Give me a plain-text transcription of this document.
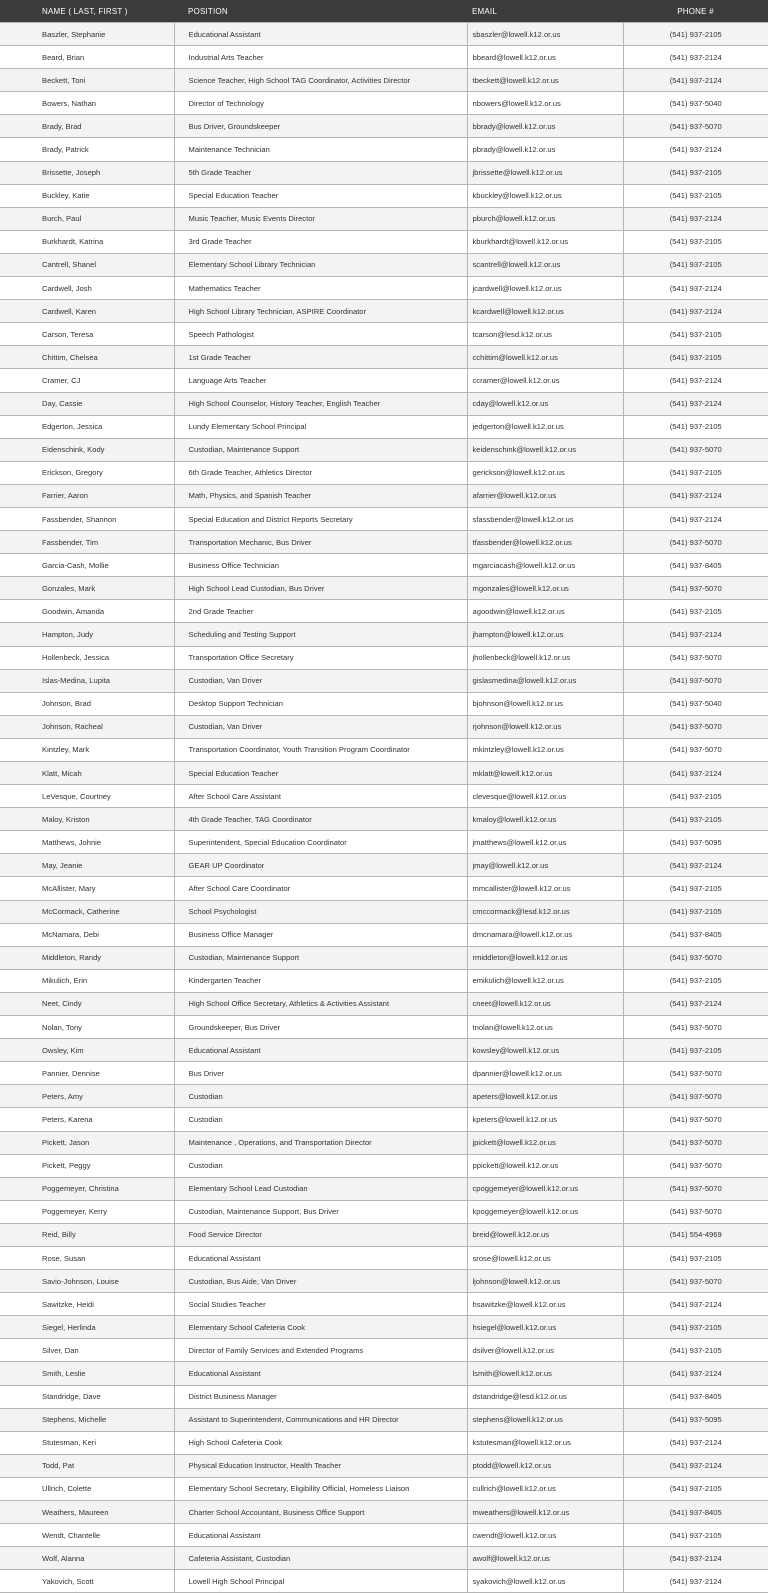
NAME ( LAST, FIRST )	POSITION	EMAIL	PHONE #
Baszler, Stephanie	Educational Assistant	sbaszler@lowell.k12.or.us	(541) 937-2105
Beard, Brian	Industrial Arts Teacher	bbeard@lowell.k12.or.us	(541) 937-2124
Beckett, Toni	Science Teacher, High School TAG Coordinator, Activities Director	tbeckett@lowell.k12.or.us	(541) 937-2124
Bowers, Nathan	Director of Technology	nbowers@lowell.k12.or.us	(541) 937-5040
Brady, Brad	Bus Driver, Groundskeeper	bbrady@lowell.k12.or.us	(541) 937-5070
Brady, Patrick	Maintenance Technician	pbrady@lowell.k12.or.us	(541) 937-2124
Brissette, Joseph	5th Grade Teacher	jbrissette@lowell.k12.or.us	(541) 937-2105
Buckley, Katie	Special Education Teacher	kbuckley@lowell.k12.or.us	(541) 937-2105
Burch, Paul	Music Teacher, Music Events Director	pburch@lowell.k12.or.us	(541) 937-2124
Burkhardt, Katrina	3rd Grade Teacher	kburkhardt@lowell.k12.or.us	(541) 937-2105
Cantrell, Shanel	Elementary School Library Technician	scantrell@lowell.k12.or.us	(541) 937-2105
Cardwell, Josh	Mathematics Teacher	jcardwell@lowell.k12.or.us	(541) 937-2124
Cardwell, Karen	High School Library Technician, ASPIRE Coordinator	kcardwell@lowell.k12.or.us	(541) 937-2124
Carson, Teresa	Speech Pathologist	tcarson@lesd.k12.or.us	(541) 937-2105
Chittim, Chelsea	1st Grade Teacher	cchittim@lowell.k12.or.us	(541) 937-2105
Cramer, CJ	Language Arts Teacher	ccramer@lowell.k12.or.us	(541) 937-2124
Day, Cassie	High School Counselor, History Teacher, English Teacher	cday@lowell.k12.or.us	(541) 937-2124
Edgerton, Jessica	Lundy Elementary School Principal	jedgerton@lowell.k12.or.us	(541) 937-2105
Eidenschink, Kody	Custodian, Maintenance Support	keidenschink@lowell.k12.or.us	(541) 937-5070
Erickson, Gregory	6th Grade Teacher, Athletics Director	gerickson@lowell.k12.or.us	(541) 937-2105
Farrier, Aaron	Math, Physics, and Spanish Teacher	afarrier@lowell.k12.or.us	(541) 937-2124
Fassbender, Shannon	Special Education and District Reports Secretary	sfassbender@lowell.k12.or.us	(541) 937-2124
Fassbender, Tim	Transportation Mechanic, Bus Driver	tfassbender@lowell.k12.or.us	(541) 937-5070
Garcia-Cash, Mollie	Business Office Technician	mgarciacash@lowell.k12.or.us	(541) 937-8405
Gonzales, Mark	High School Lead Custodian, Bus Driver	mgonzales@lowell.k12.or.us	(541) 937-5070
Goodwin, Amanda	2nd Grade Teacher	agoodwin@lowell.k12.or.us	(541) 937-2105
Hampton, Judy	Scheduling and Testing Support	jhampton@lowell.k12.or.us	(541) 937-2124
Hollenbeck, Jessica	Transportation Office Secretary	jhollenbeck@lowell.k12.or.us	(541) 937-5070
Islas-Medina, Lupita	Custodian, Van Driver	gislasmedina@lowell.k12.or.us	(541) 937-5070
Johnson, Brad	Desktop Support Technician	bjohnson@lowell.k12.or.us	(541) 937-5040
Johnson, Racheal	Custodian, Van Driver	rjohnson@lowell.k12.or.us	(541) 937-5070
Kintzley, Mark	Transportation Coordinator, Youth Transition Program Coordinator	mkintzley@lowell.k12.or.us	(541) 937-5070
Klatt, Micah	Special Education Teacher	mklatt@lowell.k12.or.us	(541) 937-2124
LeVesque, Courtney	After School Care Assistant	clevesque@lowell.k12.or.us	(541) 937-2105
Maloy, Kriston	4th Grade Teacher, TAG Coordinator	kmaloy@lowell.k12.or.us	(541) 937-2105
Matthews, Johnie	Superintendent, Special Education Coordinator	jmatthews@lowell.k12.or.us	(541) 937-5095
May, Jeanie	GEAR UP Coordinator	jmay@lowell.k12.or.us	(541) 937-2124
McAllister, Mary	After School Care Coordinator	mmcallister@lowell.k12.or.us	(541) 937-2105
McCormack, Catherine	School Psychologist	cmccormack@lesd.k12.or.us	(541) 937-2105
McNamara, Debi	Business Office Manager	dmcnamara@lowell.k12.or.us	(541) 937-8405
Middleton, Randy	Custodian, Maintenance Support	rmiddleton@lowell.k12.or.us	(541) 937-5070
Mikulich, Erin	Kindergarten Teacher	emikulich@lowell.k12.or.us	(541) 937-2105
Neet, Cindy	High School Office Secretary, Athletics & Activities Assistant	cneet@lowell.k12.or.us	(541) 937-2124
Nolan, Tony	Groundskeeper, Bus Driver	tnolan@lowell.k12.or.us	(541) 937-5070
Owsley, Kim	Educational Assistant	kowsley@lowell.k12.or.us	(541) 937-2105
Pannier, Dennise	Bus Driver	dpannier@lowell.k12.or.us	(541) 937-5070
Peters, Amy	Custodian	apeters@lowell.k12.or.us	(541) 937-5070
Peters, Karena	Custodian	kpeters@lowell.k12.or.us	(541) 937-5070
Pickett, Jason	Maintenance , Operations, and Transportation Director	jpickett@lowell.k12.or.us	(541) 937-5070
Pickett, Peggy	Custodian	ppickett@lowell.k12.or.us	(541) 937-5070
Poggemeyer, Christina	Elementary School Lead Custodian	cpoggemeyer@lowell.k12.or.us	(541) 937-5070
Poggemeyer, Kerry	Custodian, Maintenance Support, Bus Driver	kpoggemeyer@lowell.k12.or.us	(541) 937-5070
Reid, Billy	Food Service Director	breid@lowell.k12.or.us	(541) 554-4969
Rose, Susan	Educational Assistant	srose@lowell.k12.or.us	(541) 937-2105
Savio-Johnson, Louise	Custodian, Bus Aide, Van Driver	ljohnson@lowell.k12.or.us	(541) 937-5070
Sawitzke, Heidi	Social Studies Teacher	hsawitzke@lowell.k12.or.us	(541) 937-2124
Siegel, Herlinda	Elementary School Cafeteria Cook	hsiegel@lowell.k12.or.us	(541) 937-2105
Silver, Dan	Director of Family Services and Extended Programs	dsilver@lowell.k12.or.us	(541) 937-2105
Smith, Leslie	Educational Assistant	lsmith@lowell.k12.or.us	(541) 937-2124
Standridge, Dave	District Business Manager	dstandridge@lesd.k12.or.us	(541) 937-8405
Stephens, Michelle	Assistant to Superintendent, Communications and HR Director	stephens@lowell.k12.or.us	(541) 937-5095
Stutesman, Keri	High School Cafeteria Cook	kstutesman@lowell.k12.or.us	(541) 937-2124
Todd, Pat	Physical Education Instructor, Health Teacher	ptodd@lowell.k12.or.us	(541) 937-2124
Ullrich, Colette	Elementary School Secretary, Eligibility Official, Homeless Liaison	cullrich@lowell.k12.or.us	(541) 937-2105
Weathers, Maureen	Charter School Accountant, Business Office Support	mweathers@lowell.k12.or.us	(541) 937-8405
Wendt, Chantelle	Educational Assistant	cwendt@lowell.k12.or.us	(541) 937-2105
Wolf, Alanna	Cafeteria Assistant, Custodian	awolf@lowell.k12.or.us	(541) 937-2124
Yakovich, Scott	Lowell High School Principal	syakovich@lowell.k12.or.us	(541) 937-2124
